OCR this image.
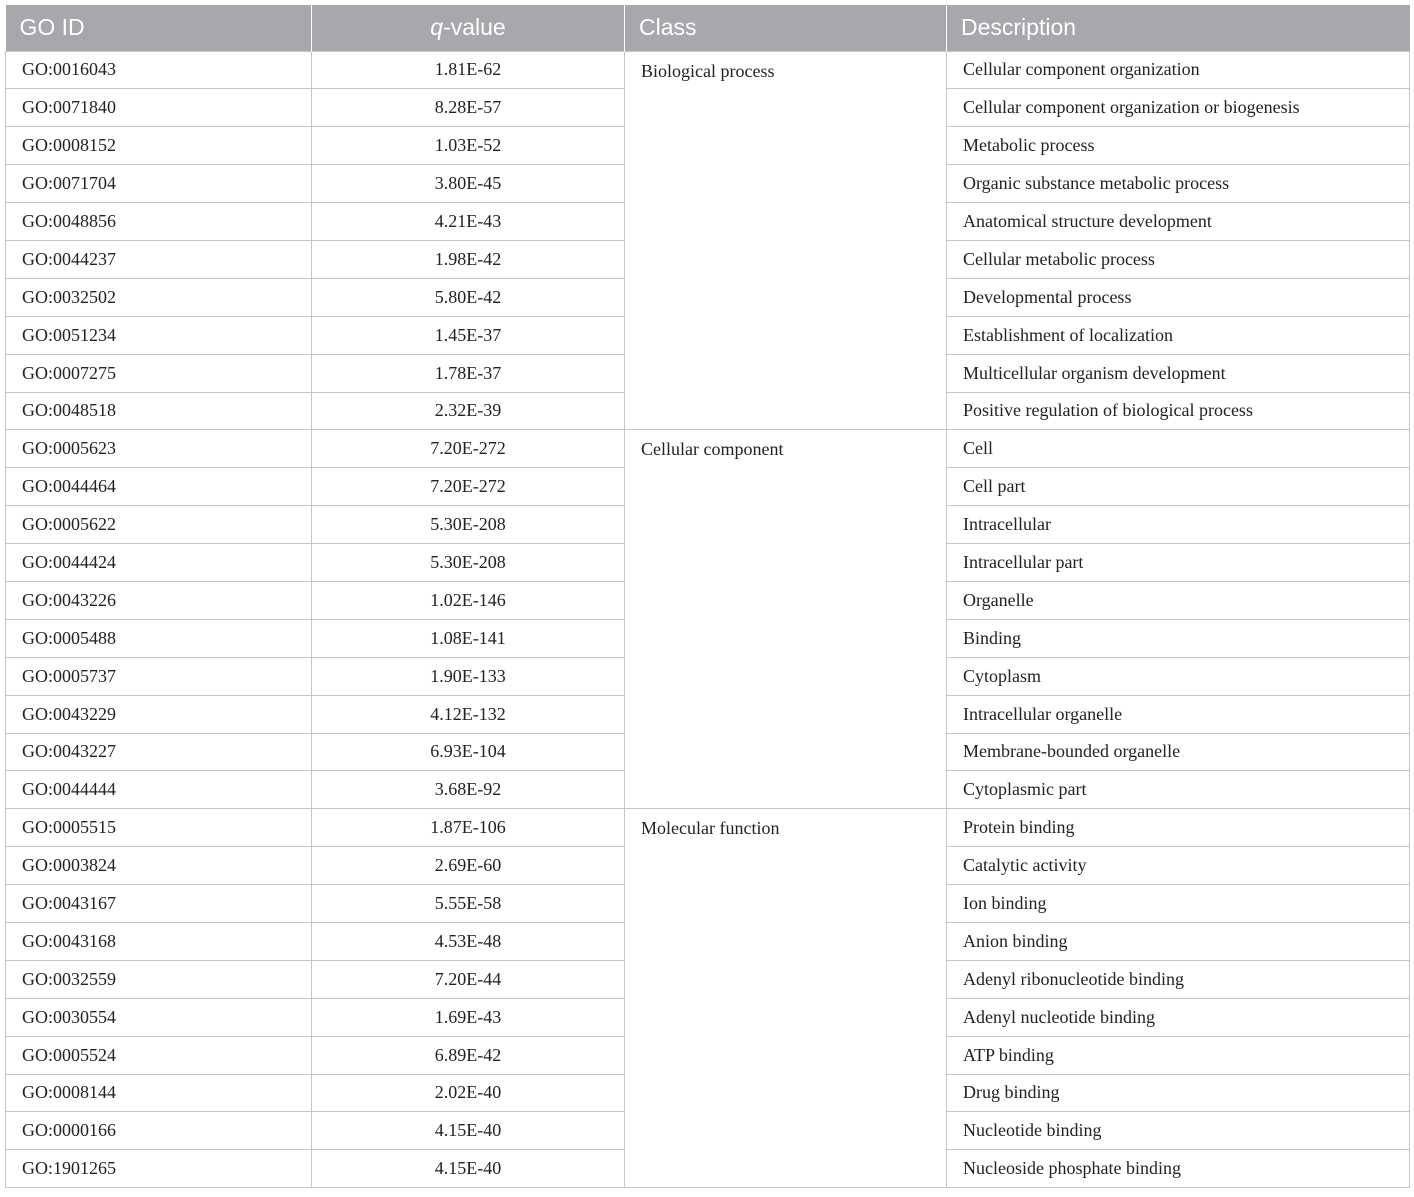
GO ID	q-value	Class	Description
GO:0016043	1.81E-62	Biological process	Cellular component organization
GO:0071840	8.28E-57		Cellular component organization or biogenesis
GO:0008152	1.03E-52		Metabolic process
GO:0071704	3.80E-45		Organic substance metabolic process
GO:0048856	4.21E-43		Anatomical structure development
GO:0044237	1.98E-42		Cellular metabolic process
GO:0032502	5.80E-42		Developmental process
GO:0051234	1.45E-37		Establishment of localization
GO:0007275	1.78E-37		Multicellular organism development
GO:0048518	2.32E-39		Positive regulation of biological process
GO:0005623	7.20E-272	Cellular component	Cell
GO:0044464	7.20E-272		Cell part
GO:0005622	5.30E-208		Intracellular
GO:0044424	5.30E-208		Intracellular part
GO:0043226	1.02E-146		Organelle
GO:0005488	1.08E-141		Binding
GO:0005737	1.90E-133		Cytoplasm
GO:0043229	4.12E-132		Intracellular organelle
GO:0043227	6.93E-104		Membrane-bounded organelle
GO:0044444	3.68E-92		Cytoplasmic part
GO:0005515	1.87E-106	Molecular function	Protein binding
GO:0003824	2.69E-60		Catalytic activity
GO:0043167	5.55E-58		Ion binding
GO:0043168	4.53E-48		Anion binding
GO:0032559	7.20E-44		Adenyl ribonucleotide binding
GO:0030554	1.69E-43		Adenyl nucleotide binding
GO:0005524	6.89E-42		ATP binding
GO:0008144	2.02E-40		Drug binding
GO:0000166	4.15E-40		Nucleotide binding
GO:1901265	4.15E-40		Nucleoside phosphate binding
